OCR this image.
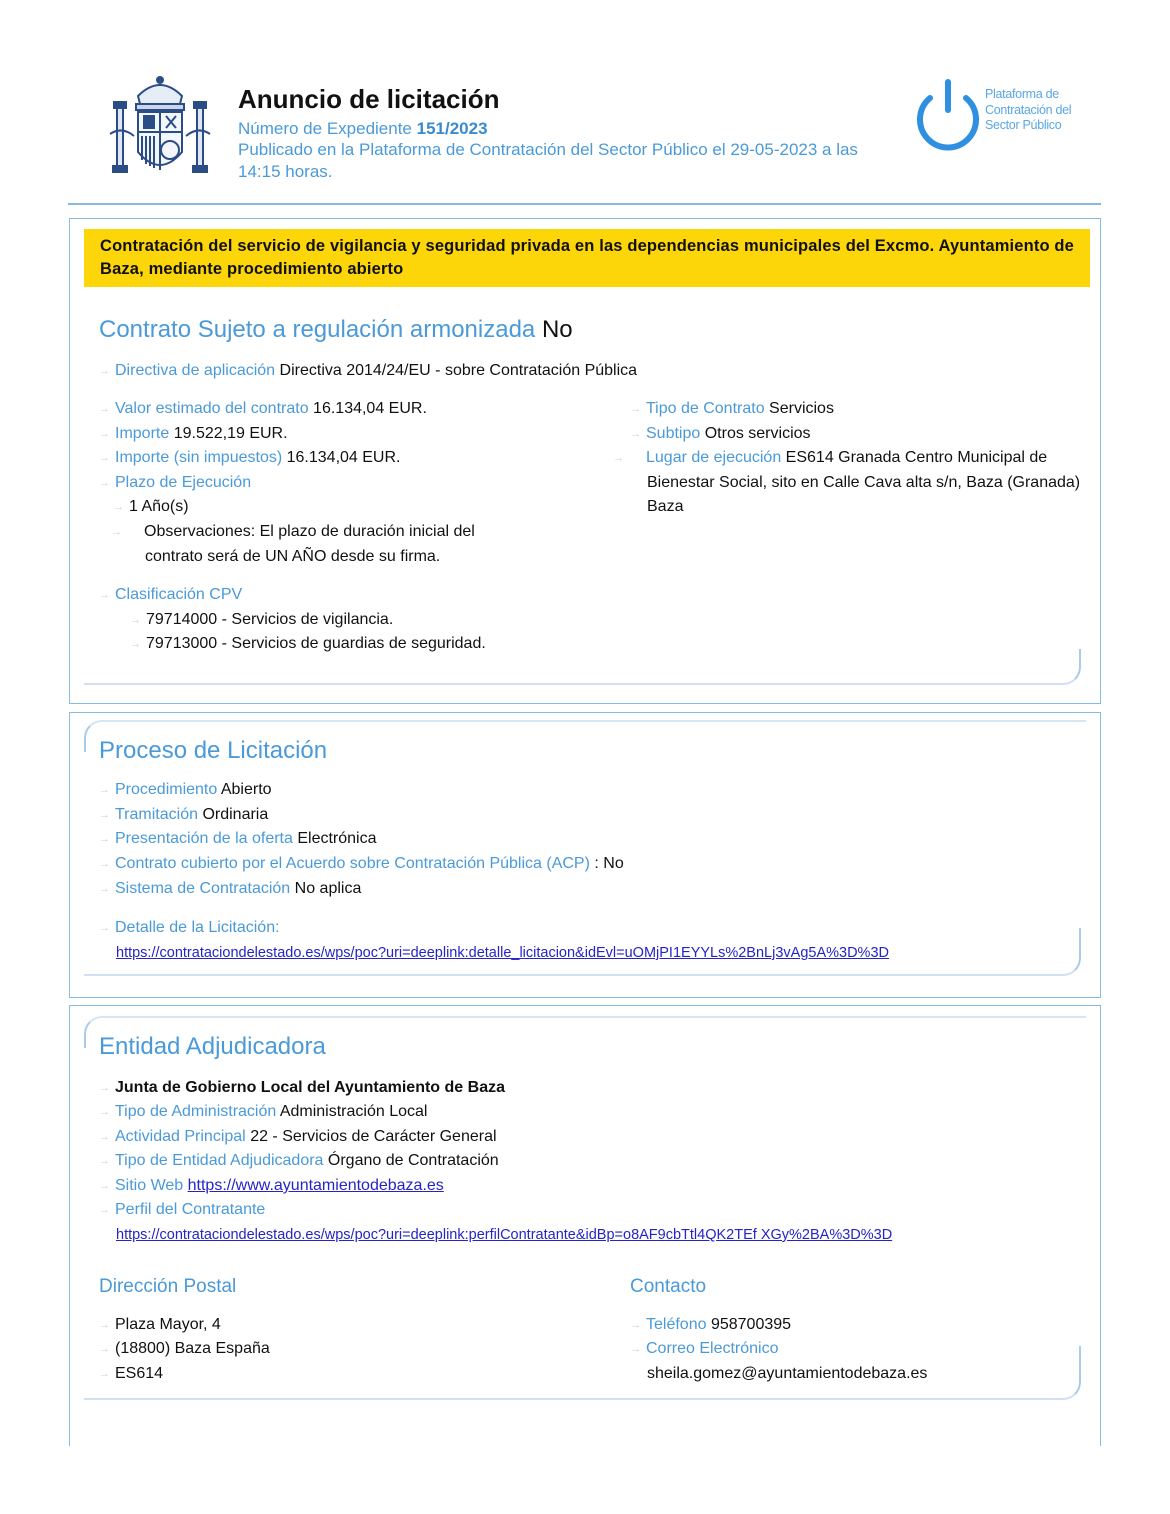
Anuncio de licitación
Número de Expediente 151/2023
Publicado en la Plataforma de Contratación del Sector Público el 29-05-2023 a las 14:15 horas.
Plataforma de Contratación del Sector Público
Contratación del servicio de vigilancia y seguridad privada en las dependencias municipales del Excmo. Ayuntamiento de Baza, mediante procedimiento abierto
Contrato Sujeto a regulación armonizada No
→ Directiva de aplicación Directiva 2014/24/EU - sobre Contratación Pública
→ Valor estimado del contrato 16.134,04 EUR.
→ Importe 19.522,19 EUR.
→ Importe (sin impuestos) 16.134,04 EUR.
→ Plazo de Ejecución
→ 1 Año(s)
→ Observaciones: El plazo de duración inicial del contrato será de UN AÑO desde su firma.
→ Tipo de Contrato Servicios
→ Subtipo Otros servicios
→ Lugar de ejecución ES614 Granada Centro Municipal de Bienestar Social, sito en Calle Cava alta s/n, Baza (Granada) Baza
→ Clasificación CPV
→ 79714000 - Servicios de vigilancia.
→ 79713000 - Servicios de guardias de seguridad.
Proceso de Licitación
→ Procedimiento Abierto
→ Tramitación Ordinaria
→ Presentación de la oferta Electrónica
→ Contrato cubierto por el Acuerdo sobre Contratación Pública (ACP) : No
→ Sistema de Contratación No aplica
→ Detalle de la Licitación:
https://contrataciondelestado.es/wps/poc?uri=deeplink:detalle_licitacion&idEvl=uOMjPI1EYYLs%2BnLj3vAg5A%3D%3D
Entidad Adjudicadora
→ Junta de Gobierno Local del Ayuntamiento de Baza
→ Tipo de Administración Administración Local
→ Actividad Principal 22 - Servicios de Carácter General
→ Tipo de Entidad Adjudicadora Órgano de Contratación
→ Sitio Web https://www.ayuntamientodebaza.es
→ Perfil del Contratante
https://contrataciondelestado.es/wps/poc?uri=deeplink:perfilContratante&idBp=o8AF9cbTtl4QK2TEf XGy%2BA%3D%3D
Dirección Postal
→ Plaza Mayor, 4
→ (18800) Baza España
→ ES614
Contacto
→ Teléfono 958700395
→ Correo Electrónico
sheila.gomez@ayuntamientodebaza.es
